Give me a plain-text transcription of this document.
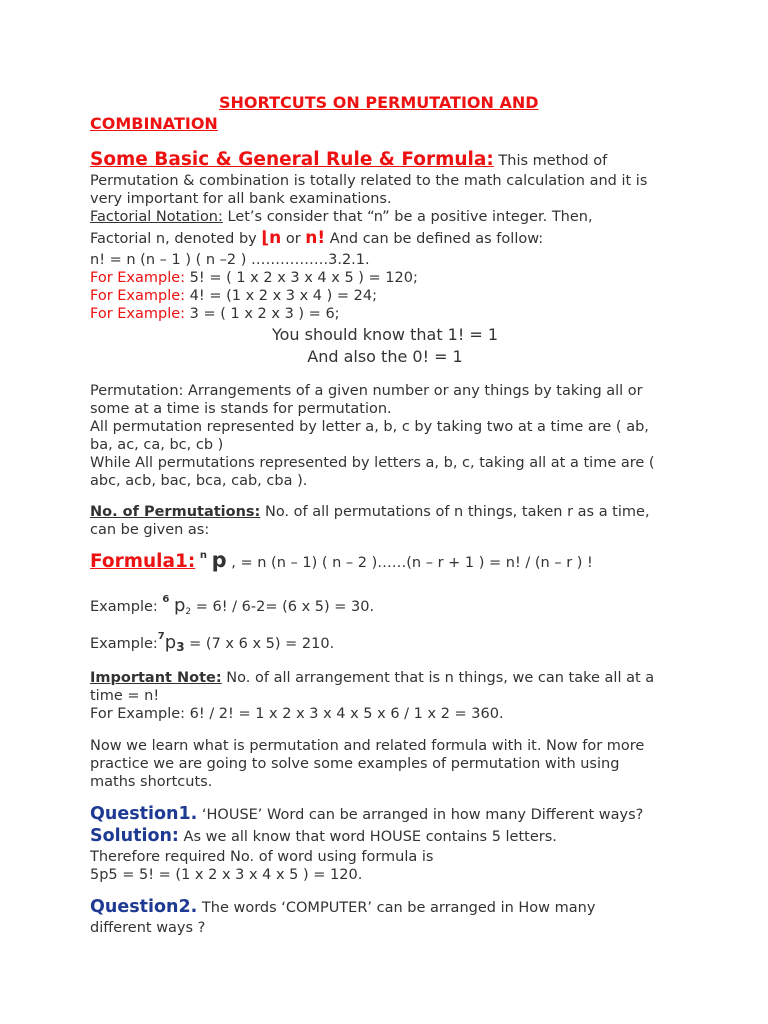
SHORTCUTS ON PERMUTATION AND
COMBINATION
Some Basic & General Rule & Formula: This method of
Permutation & combination is totally related to the math calculation and it is
very important for all bank examinations.
Factorial Notation: Let’s consider that “n” be a positive integer. Then,
Factorial n, denoted by ⌊n or n! And can be defined as follow:
n! = n (n – 1 ) ( n –2 ) …………….3.2.1.
For Example: 5! = ( 1 x 2 x 3 x 4 x 5 ) = 120;
For Example: 4! = (1 x 2 x 3 x 4 ) = 24;
For Example: 3 = ( 1 x 2 x 3 ) = 6;
You should know that 1! = 1
And also the 0! = 1
Permutation: Arrangements of a given number or any things by taking all or
some at a time is stands for permutation.
All permutation represented by letter a, b, c by taking two at a time are ( ab,
ba, ac, ca, bc, cb )
While All permutations represented by letters a, b, c, taking all at a time are (
abc, acb, bac, bca, cab, cba ).
No. of Permutations: No. of all permutations of n things, taken r as a time,
can be given as:
Formula1: $^n$ p , = n (n – 1) ( n – 2 )……(n – r + 1 ) = n! / (n – r ) !
Example: $^6$ $p_2 = 6$! / 6-2= (6 x 5) = 30.
$Example:^7p_3 = (7$ x 6 x 5) = 210.
Important Note: No. of all arrangement that is n things, we can take all at a
time = n!
For Example: 6! / 2! = 1 x 2 x 3 x 4 x 5 x 6 / 1 x 2 = 360.
Now we learn what is permutation and related formula with it. Now for more
practice we are going to solve some examples of permutation with using
maths shortcuts.
Question1. ‘HOUSE’ Word can be arranged in how many Different ways?
Solution: As we all know that word HOUSE contains 5 letters.
Therefore required No. of word using formula is
5p5 = 5! = (1 x 2 x 3 x 4 x 5 ) = 120.
Question2. The words ‘COMPUTER’ can be arranged in How many
different ways ?
